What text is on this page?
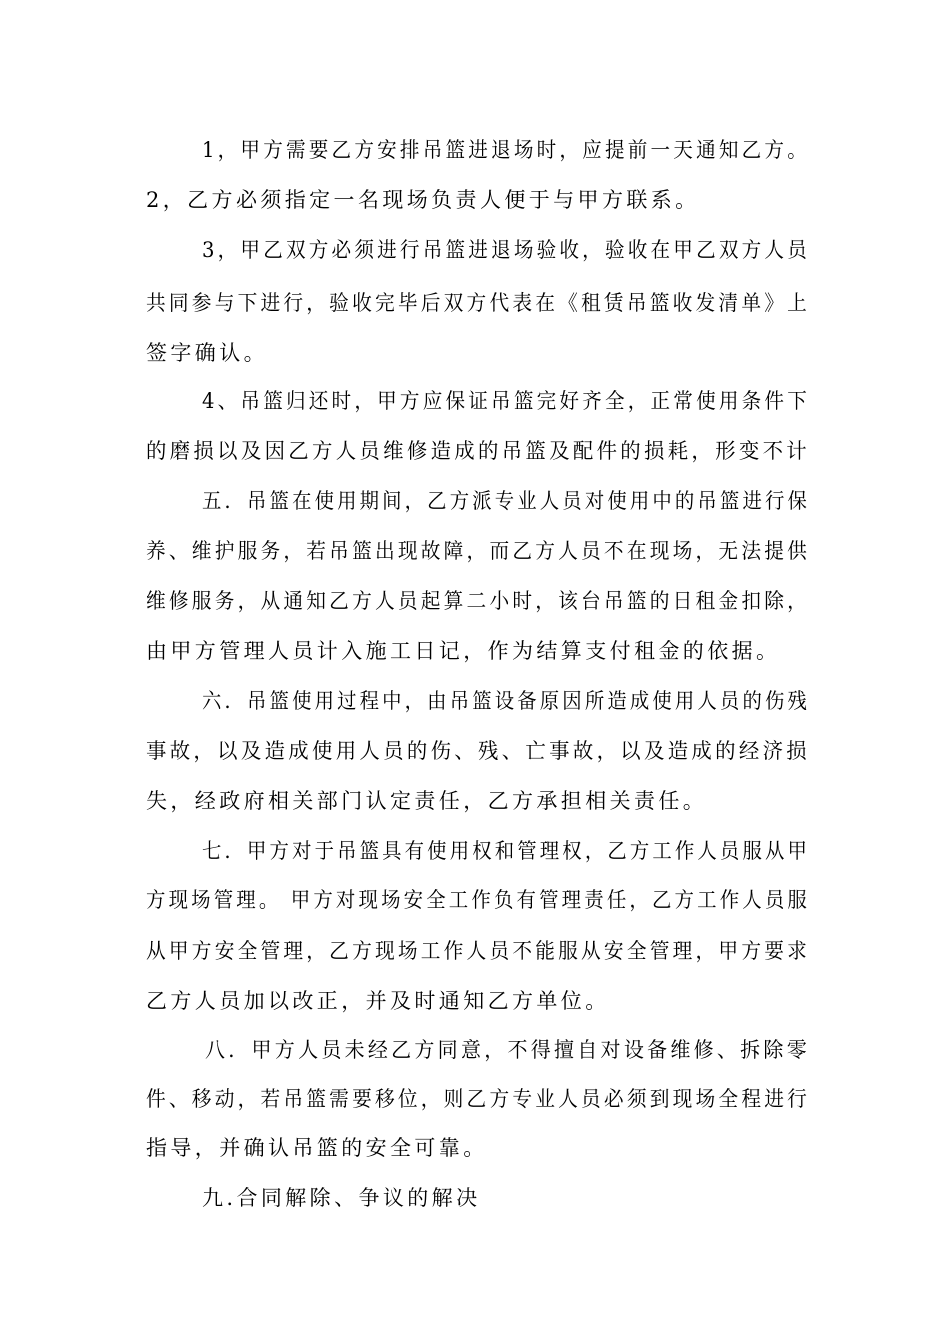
1，甲方需要乙方安排吊篮进退场时，应提前一天通知乙方。
2，乙方必须指定一名现场负责人便于与甲方联系。
3，甲乙双方必须进行吊篮进退场验收，验收在甲乙双方人员
共同参与下进行，验收完毕后双方代表在《租赁吊篮收发清单》上
签字确认。
4、吊篮归还时，甲方应保证吊篮完好齐全，正常使用条件下
的磨损以及因乙方人员维修造成的吊篮及配件的损耗，形变不计
五．吊篮在使用期间，乙方派专业人员对使用中的吊篮进行保
养、维护服务，若吊篮出现故障，而乙方人员不在现场，无法提供
维修服务，从通知乙方人员起算二小时，该台吊篮的日租金扣除，
由甲方管理人员计入施工日记，作为结算支付租金的依据。
六．吊篮使用过程中，由吊篮设备原因所造成使用人员的伤残
事故，以及造成使用人员的伤、残、亡事故，以及造成的经济损
失，经政府相关部门认定责任，乙方承担相关责任。
七．甲方对于吊篮具有使用权和管理权，乙方工作人员服从甲
方现场管理。 甲方对现场安全工作负有管理责任，乙方工作人员服
从甲方安全管理，乙方现场工作人员不能服从安全管理，甲方要求
乙方人员加以改正，并及时通知乙方单位。
八．甲方人员未经乙方同意，不得擅自对设备维修、拆除零
件、移动，若吊篮需要移位，则乙方专业人员必须到现场全程进行
指导，并确认吊篮的安全可靠。
九.合同解除、争议的解决
